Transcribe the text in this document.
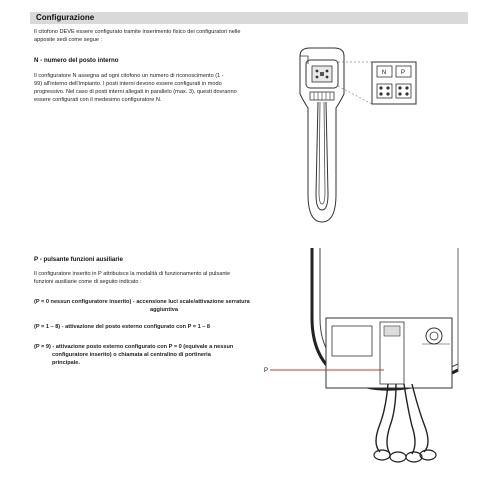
Configurazione
Il citofono DEVE essere configurato tramite inserimento fisico dei configuratori nelle
apposite sedi come segue :
N - numero del posto interno
Il configuratore N assegna ad ogni citofono un numero di riconoscimento (1 -
99) all'interno dell'impianto. I posti interni devono essere configurati in modo
progressivo. Nel caso di posti interni allegati in parallelo (max. 3), questi dovranno
essere configurati con il medesimo configuratore N.
N P
P - pulsante funzioni ausiliarie
Il configuratore inserito in P attribuisce la modalità di funzionamento al pulsante
funzioni ausiliarie come di seguito indicato :
(P = 0 nessun configuratore inserito) - accensione luci scale/attivazione serratura
aggiuntiva
(P = 1 – 8) - attivazione del posto esterno configurato con P = 1 – 8
(P = 9) - attivazione posto esterno configurato con P = 0 (equivale a nessun
configuratore inserito) o chiamata al centralino di portineria
principale.
P
